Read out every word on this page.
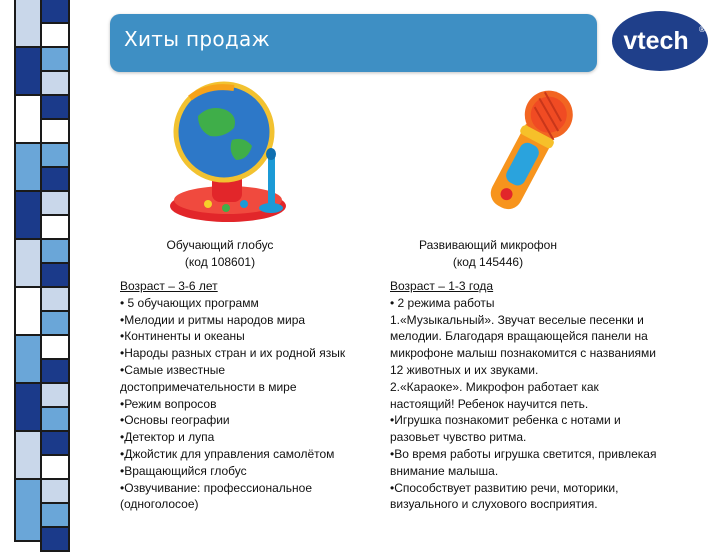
Хиты продаж	vtech ®
Обучающий глобус
(код 108601)
Развивающий микрофон
(код 145446)
Возраст – 3-6 лет
• 5 обучающих программ
•Мелодии и ритмы народов мира
•Континенты и океаны
•Народы разных стран и их родной язык
•Самые известные
достопримечательности в мире
•Режим вопросов
•Основы географии
•Детектор и лупа
•Джойстик для управления самолётом
•Вращающийся глобус
•Озвучивание: профессиональное
(одноголосое)
Возраст – 1-3 года
• 2 режима работы
1.«Музыкальный». Звучат веселые песенки и
мелодии. Благодаря вращающейся панели на
микрофоне малыш познакомится с названиями
12 животных и их звуками.
2.«Караоке». Микрофон работает как
настоящий! Ребенок научится петь.
•Игрушка познакомит ребенка с нотами и
разовьет чувство ритма.
•Во время работы игрушка светится, привлекая
внимание малыша.
•Способствует развитию речи, моторики,
визуального и слухового восприятия.
